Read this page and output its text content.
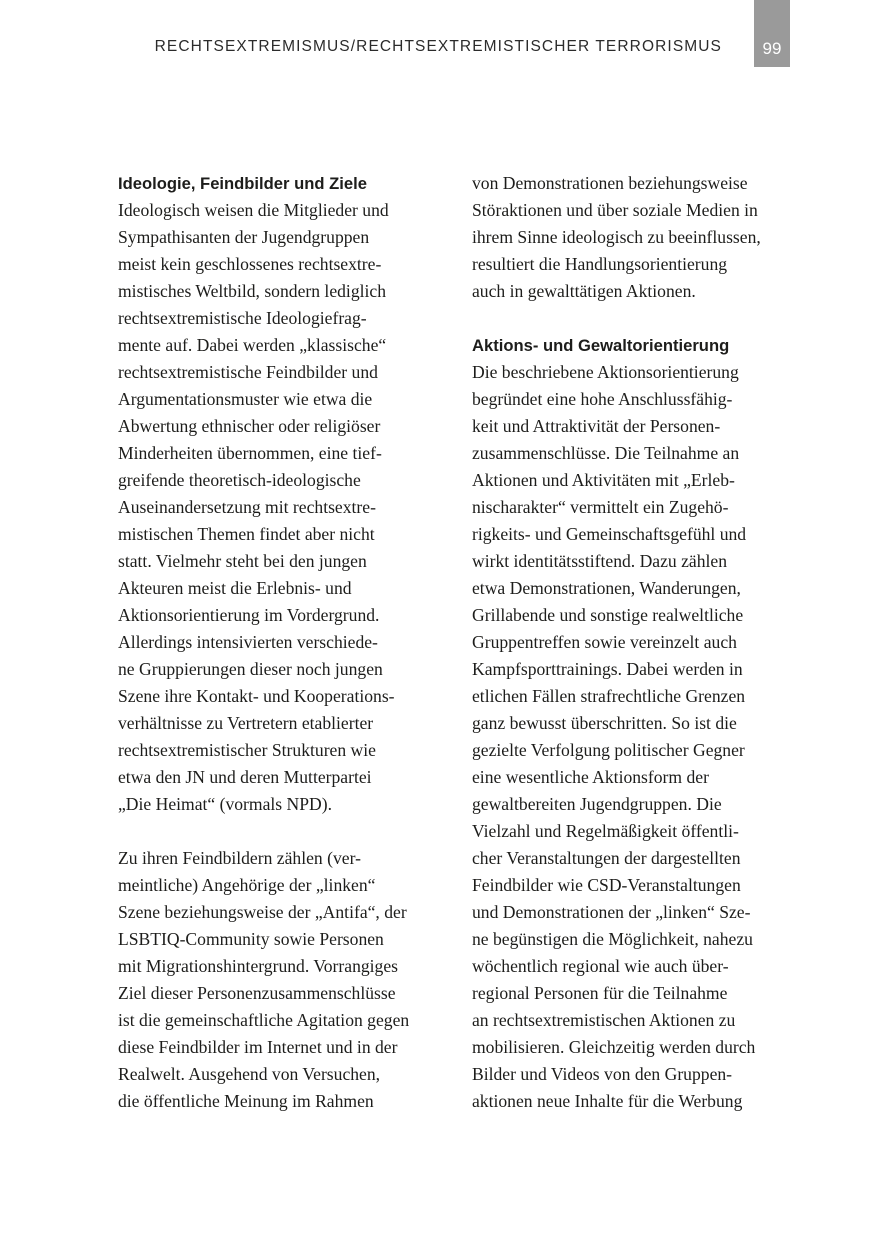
RECHTSEXTREMISMUS/RECHTSEXTREMISTISCHER TERRORISMUS 99
Ideologie, Feindbilder und Ziele
Ideologisch weisen die Mitglieder und
Sympathisanten der Jugendgruppen
meist kein geschlossenes rechtsextre-
mistisches Weltbild, sondern lediglich
rechtsextremistische Ideologiefrag-
mente auf. Dabei werden „klassische“
rechtsextremistische Feindbilder und
Argumentationsmuster wie etwa die
Abwertung ethnischer oder religiöser
Minderheiten übernommen, eine tief-
greifende theoretisch-ideologische
Auseinandersetzung mit rechtsextre-
mistischen Themen findet aber nicht
statt. Vielmehr steht bei den jungen
Akteuren meist die Erlebnis- und
Aktionsorientierung im Vordergrund.
Allerdings intensivierten verschiede-
ne Gruppierungen dieser noch jungen
Szene ihre Kontakt- und Kooperations-
verhältnisse zu Vertretern etablierter
rechtsextremistischer Strukturen wie
etwa den JN und deren Mutterpartei
„Die Heimat“ (vormals NPD).
Zu ihren Feindbildern zählen (ver-
meintliche) Angehörige der „linken“
Szene beziehungsweise der „Antifa“, der
LSBTIQ-Community sowie Personen
mit Migrationshintergrund. Vorrangiges
Ziel dieser Personenzusammenschlüsse
ist die gemeinschaftliche Agitation gegen
diese Feindbilder im Internet und in der
Realwelt. Ausgehend von Versuchen,
die öffentliche Meinung im Rahmen
von Demonstrationen beziehungsweise
Störaktionen und über soziale Medien in
ihrem Sinne ideologisch zu beeinflussen,
resultiert die Handlungsorientierung
auch in gewalttätigen Aktionen.
Aktions- und Gewaltorientierung
Die beschriebene Aktionsorientierung
begründet eine hohe Anschlussfähig-
keit und Attraktivität der Personen-
zusammenschlüsse. Die Teilnahme an
Aktionen und Aktivitäten mit „Erleb-
nischarakter“ vermittelt ein Zugehö-
rigkeits- und Gemeinschaftsgefühl und
wirkt identitätsstiftend. Dazu zählen
etwa Demonstrationen, Wanderungen,
Grillabende und sonstige realweltliche
Gruppentreffen sowie vereinzelt auch
Kampfsporttrainings. Dabei werden in
etlichen Fällen strafrechtliche Grenzen
ganz bewusst überschritten. So ist die
gezielte Verfolgung politischer Gegner
eine wesentliche Aktionsform der
gewaltbereiten Jugendgruppen. Die
Vielzahl und Regelmäßigkeit öffentli-
cher Veranstaltungen der dargestellten
Feindbilder wie CSD-Veranstaltungen
und Demonstrationen der „linken“ Sze-
ne begünstigen die Möglichkeit, nahezu
wöchentlich regional wie auch über-
regional Personen für die Teilnahme
an rechtsextremistischen Aktionen zu
mobilisieren. Gleichzeitig werden durch
Bilder und Videos von den Gruppen-
aktionen neue Inhalte für die Werbung
